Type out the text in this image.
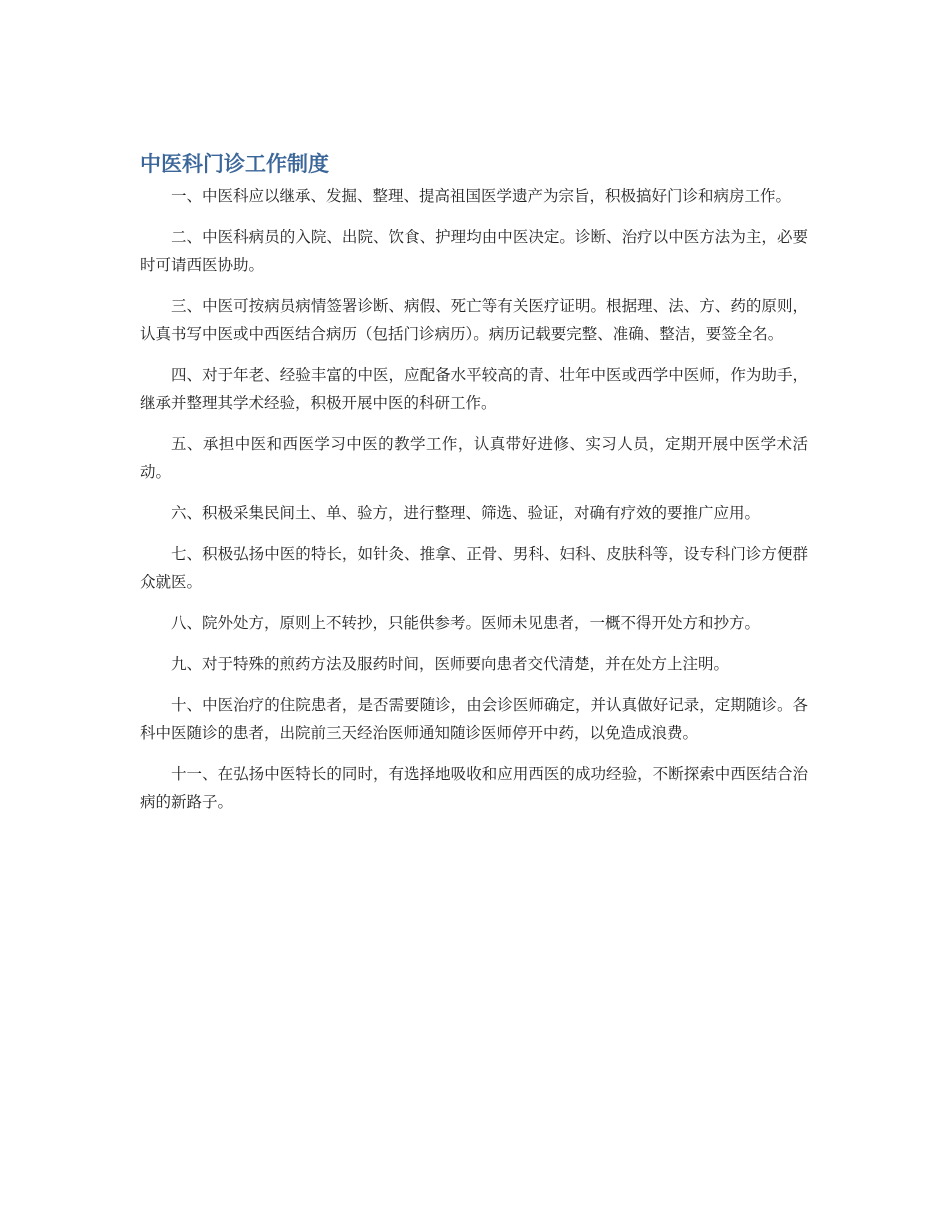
中医科门诊工作制度

一、中医科应以继承、发掘、整理、提高祖国医学遗产为宗旨，积极搞好门诊和病房工作。

二、中医科病员的入院、出院、饮食、护理均由中医决定。诊断、治疗以中医方法为主，必要时可请西医协助。

三、中医可按病员病情签署诊断、病假、死亡等有关医疗证明。根据理、法、方、药的原则，认真书写中医或中西医结合病历（包括门诊病历）。病历记载要完整、准确、整洁，要签全名。

四、对于年老、经验丰富的中医，应配备水平较高的青、壮年中医或西学中医师，作为助手，继承并整理其学术经验，积极开展中医的科研工作。

五、承担中医和西医学习中医的教学工作，认真带好进修、实习人员，定期开展中医学术活动。

六、积极采集民间土、单、验方，进行整理、筛选、验证，对确有疗效的要推广应用。

七、积极弘扬中医的特长，如针灸、推拿、正骨、男科、妇科、皮肤科等，设专科门诊方便群众就医。

八、院外处方，原则上不转抄，只能供参考。医师未见患者，一概不得开处方和抄方。

九、对于特殊的煎药方法及服药时间，医师要向患者交代清楚，并在处方上注明。

十、中医治疗的住院患者，是否需要随诊，由会诊医师确定，并认真做好记录，定期随诊。各科中医随诊的患者，出院前三天经治医师通知随诊医师停开中药，以免造成浪费。

十一、在弘扬中医特长的同时，有选择地吸收和应用西医的成功经验，不断探索中西医结合治病的新路子。
